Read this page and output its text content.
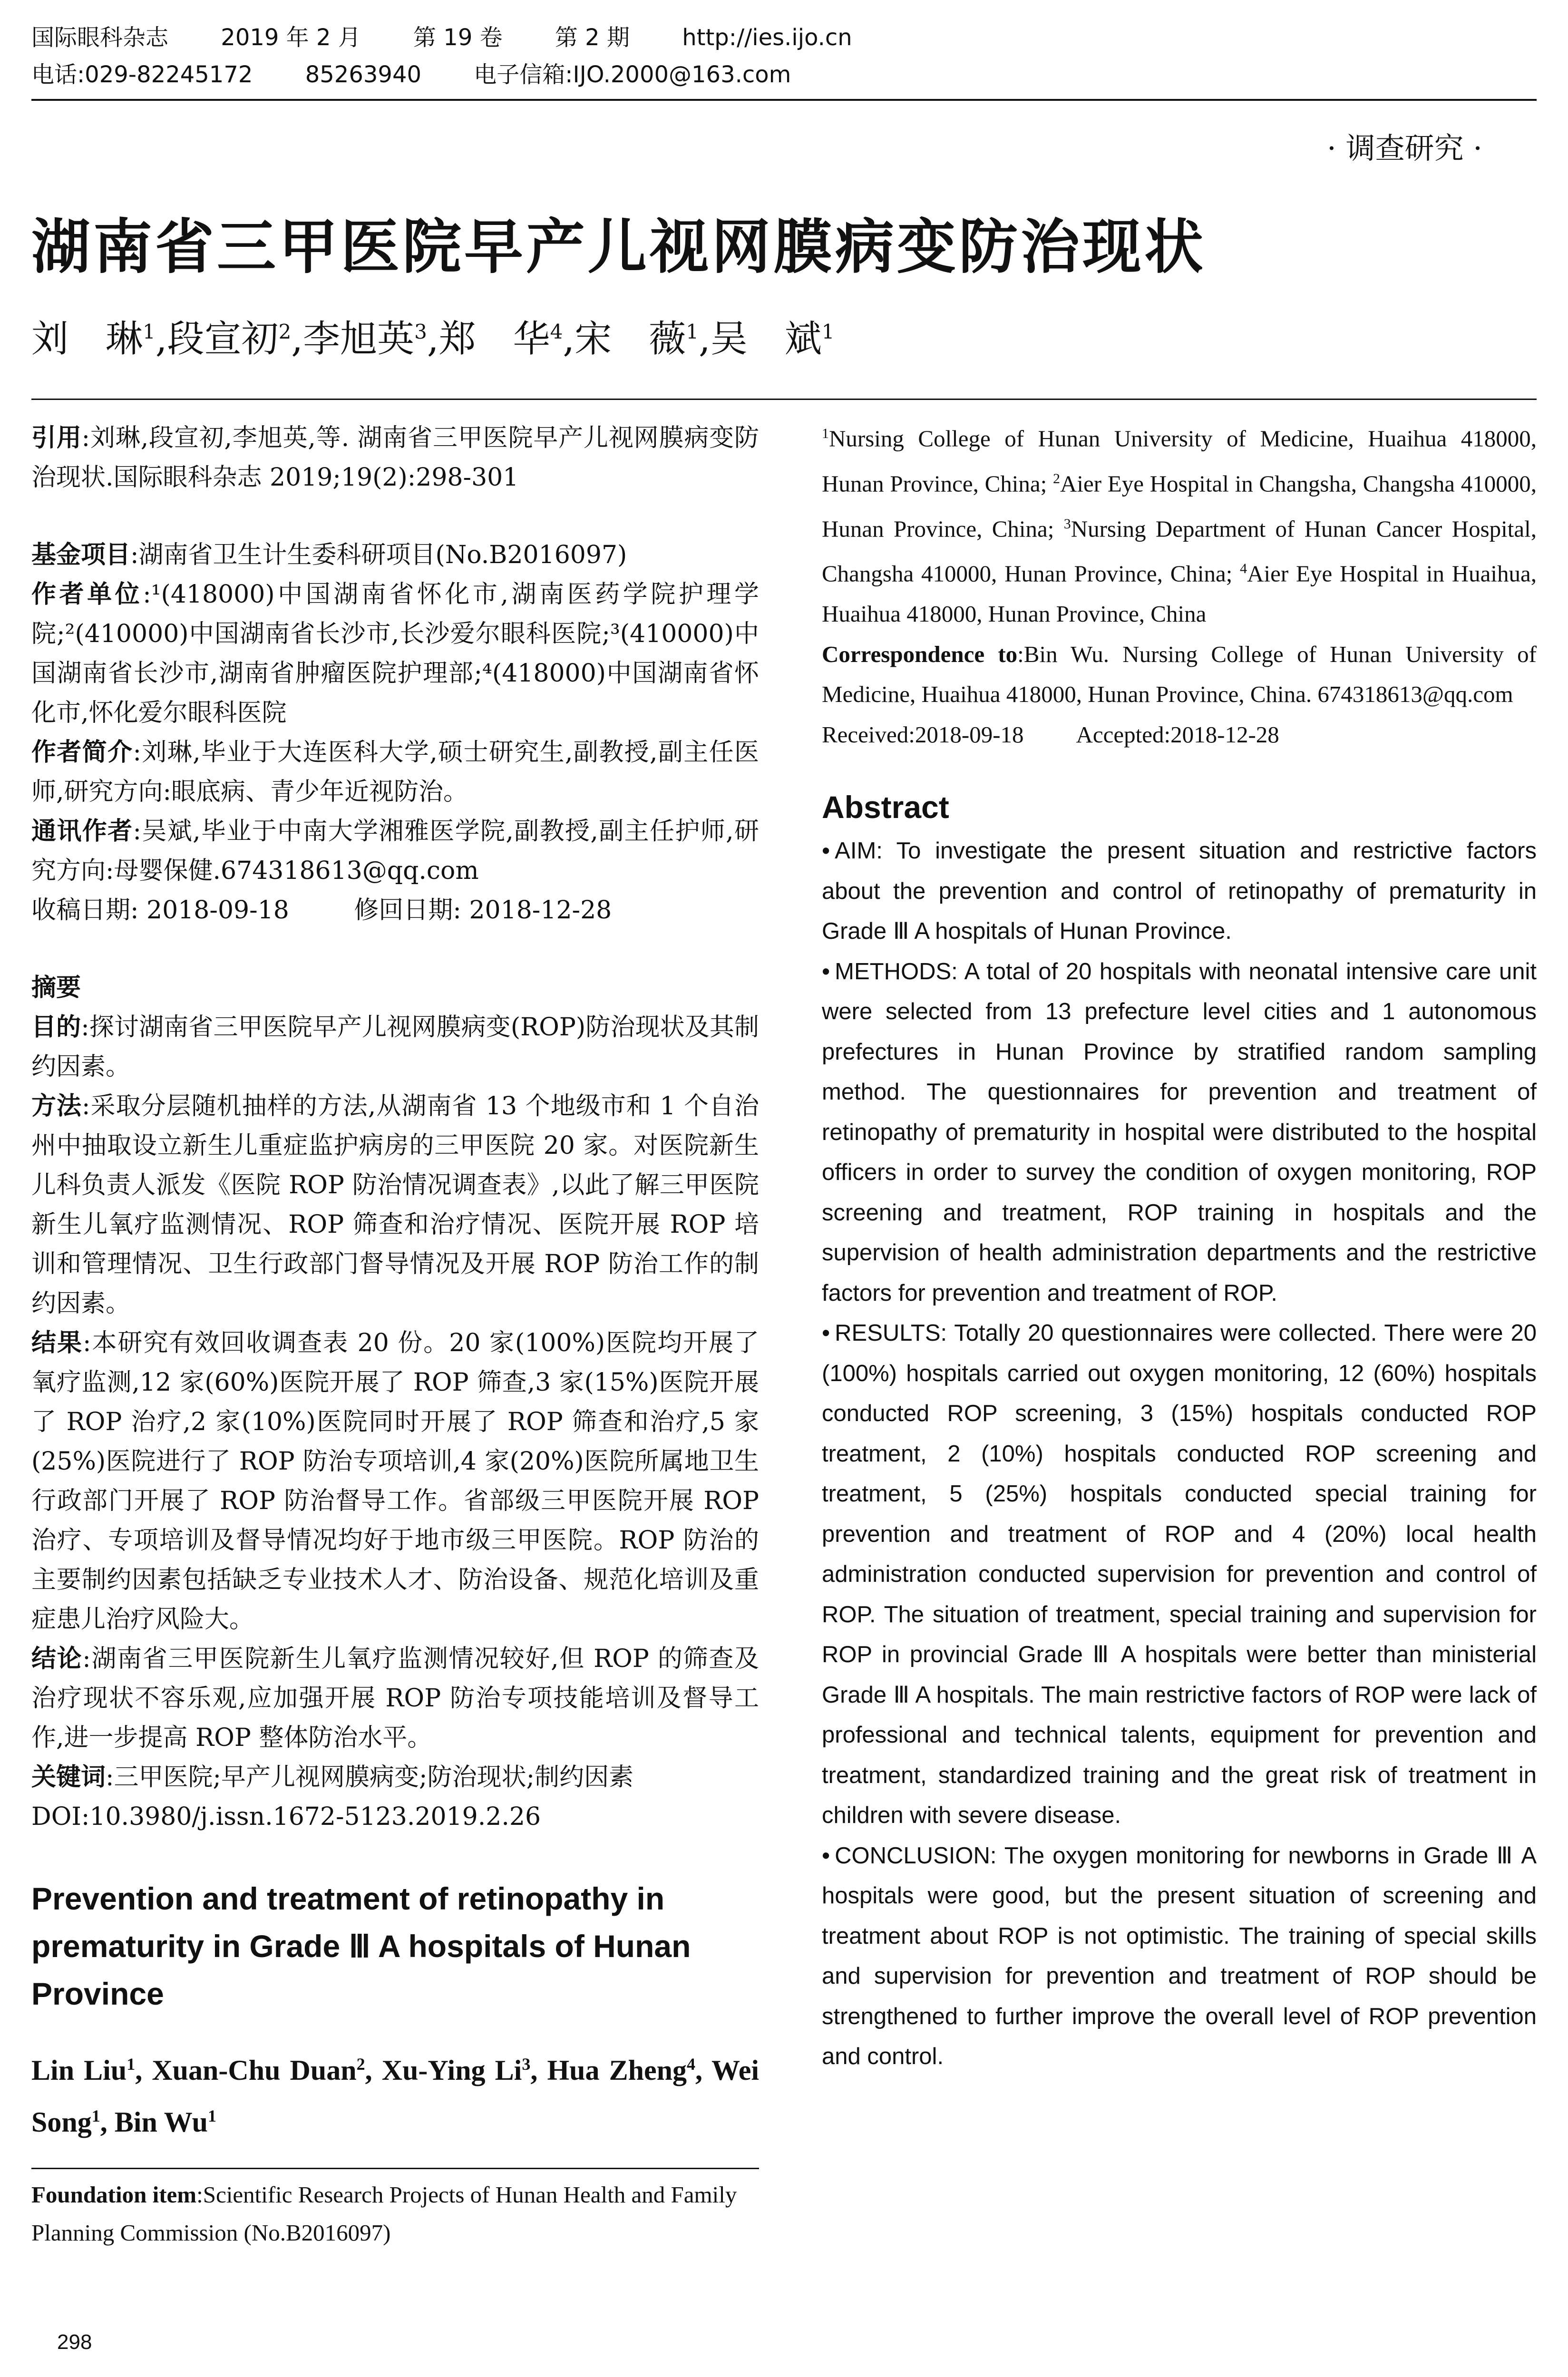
国际眼科杂志 2019 年 2 月 第 19 卷 第 2 期 http://ies.ijo.cn
电话:029-82245172 85263940 电子信箱:IJO.2000@163.com
· 调查研究 ·
湖南省三甲医院早产儿视网膜病变防治现状
刘　琳$^1$,段宣初$^2$,李旭英$^3$,郑　华$^4$,宋　薇$^1$,吴　斌$^1$

引用:刘琳,段宣初,李旭英,等. 湖南省三甲医院早产儿视网膜病变防治现状.国际眼科杂志 2019;19(2):298-301

基金项目:湖南省卫生计生委科研项目(No.B2016097)

作者单位:¹(418000)中国湖南省怀化市,湖南医药学院护理学院;²(410000)中国湖南省长沙市,长沙爱尔眼科医院;³(410000)中国湖南省长沙市,湖南省肿瘤医院护理部;⁴(418000)中国湖南省怀化市,怀化爱尔眼科医院

作者简介:刘琳,毕业于大连医科大学,硕士研究生,副教授,副主任医师,研究方向:眼底病、青少年近视防治。

通讯作者:吴斌,毕业于中南大学湘雅医学院,副教授,副主任护师,研究方向:母婴保健.674318613@qq.com

收稿日期: 2018-09-18	修回日期: 2018-12-28

摘要

目的:探讨湖南省三甲医院早产儿视网膜病变(ROP)防治现状及其制约因素。

方法:采取分层随机抽样的方法,从湖南省 13 个地级市和 1 个自治州中抽取设立新生儿重症监护病房的三甲医院 20 家。对医院新生儿科负责人派发《医院 ROP 防治情况调查表》,以此了解三甲医院新生儿氧疗监测情况、ROP 筛查和治疗情况、医院开展 ROP 培训和管理情况、卫生行政部门督导情况及开展 ROP 防治工作的制约因素。

结果:本研究有效回收调查表 20 份。20 家(100%)医院均开展了氧疗监测,12 家(60%)医院开展了 ROP 筛查,3 家(15%)医院开展了 ROP 治疗,2 家(10%)医院同时开展了 ROP 筛查和治疗,5 家(25%)医院进行了 ROP 防治专项培训,4 家(20%)医院所属地卫生行政部门开展了 ROP 防治督导工作。省部级三甲医院开展 ROP 治疗、专项培训及督导情况均好于地市级三甲医院。ROP 防治的主要制约因素包括缺乏专业技术人才、防治设备、规范化培训及重症患儿治疗风险大。

结论:湖南省三甲医院新生儿氧疗监测情况较好,但 ROP 的筛查及治疗现状不容乐观,应加强开展 ROP 防治专项技能培训及督导工作,进一步提高 ROP 整体防治水平。

关键词:三甲医院;早产儿视网膜病变;防治现状;制约因素

DOI:10.3980/j.issn.1672-5123.2019.2.26

Prevention and treatment of retinopathy in prematurity in Grade Ⅲ A hospitals of Hunan Province

Lin Liu$^1$, Xuan-Chu Duan$^2$, Xu-Ying Li$^3$, Hua Zheng$^4$, Wei Song$^1$, Bin Wu$^1$

Foundation item:Scientific Research Projects of Hunan Health and Family Planning Commission (No.B2016097)

$^1$Nursing College of Hunan University of Medicine, Huaihua 418000, Hunan Province, China; $^2$Aier Eye Hospital in Changsha, Changsha 410000, Hunan Province, China; $^3$Nursing Department of Hunan Cancer Hospital, Changsha 410000, Hunan Province, China; $^4$Aier Eye Hospital in Huaihua, Huaihua 418000, Hunan Province, China

Correspondence to:Bin Wu. Nursing College of Hunan University of Medicine, Huaihua 418000, Hunan Province, China. 674318613@qq.com

Received:2018-09-18 Accepted:2018-12-28

Abstract

• AIM: To investigate the present situation and restrictive factors about the prevention and control of retinopathy of prematurity in Grade Ⅲ A hospitals of Hunan Province.

• METHODS: A total of 20 hospitals with neonatal intensive care unit were selected from 13 prefecture level cities and 1 autonomous prefectures in Hunan Province by stratified random sampling method. The questionnaires for prevention and treatment of retinopathy of prematurity in hospital were distributed to the hospital officers in order to survey the condition of oxygen monitoring, ROP screening and treatment, ROP training in hospitals and the supervision of health administration departments and the restrictive factors for prevention and treatment of ROP.

• RESULTS: Totally 20 questionnaires were collected. There were 20 (100%) hospitals carried out oxygen monitoring, 12 (60%) hospitals conducted ROP screening, 3 (15%) hospitals conducted ROP treatment, 2 (10%) hospitals conducted ROP screening and treatment, 5 (25%) hospitals conducted special training for prevention and treatment of ROP and 4 (20%) local health administration conducted supervision for prevention and control of ROP. The situation of treatment, special training and supervision for ROP in provincial Grade Ⅲ A hospitals were better than ministerial Grade Ⅲ A hospitals. The main restrictive factors of ROP were lack of professional and technical talents, equipment for prevention and treatment, standardized training and the great risk of treatment in children with severe disease.

• CONCLUSION: The oxygen monitoring for newborns in Grade Ⅲ A hospitals were good, but the present situation of screening and treatment about ROP is not optimistic. The training of special skills and supervision for prevention and treatment of ROP should be strengthened to further improve the overall level of ROP prevention and control.

298
